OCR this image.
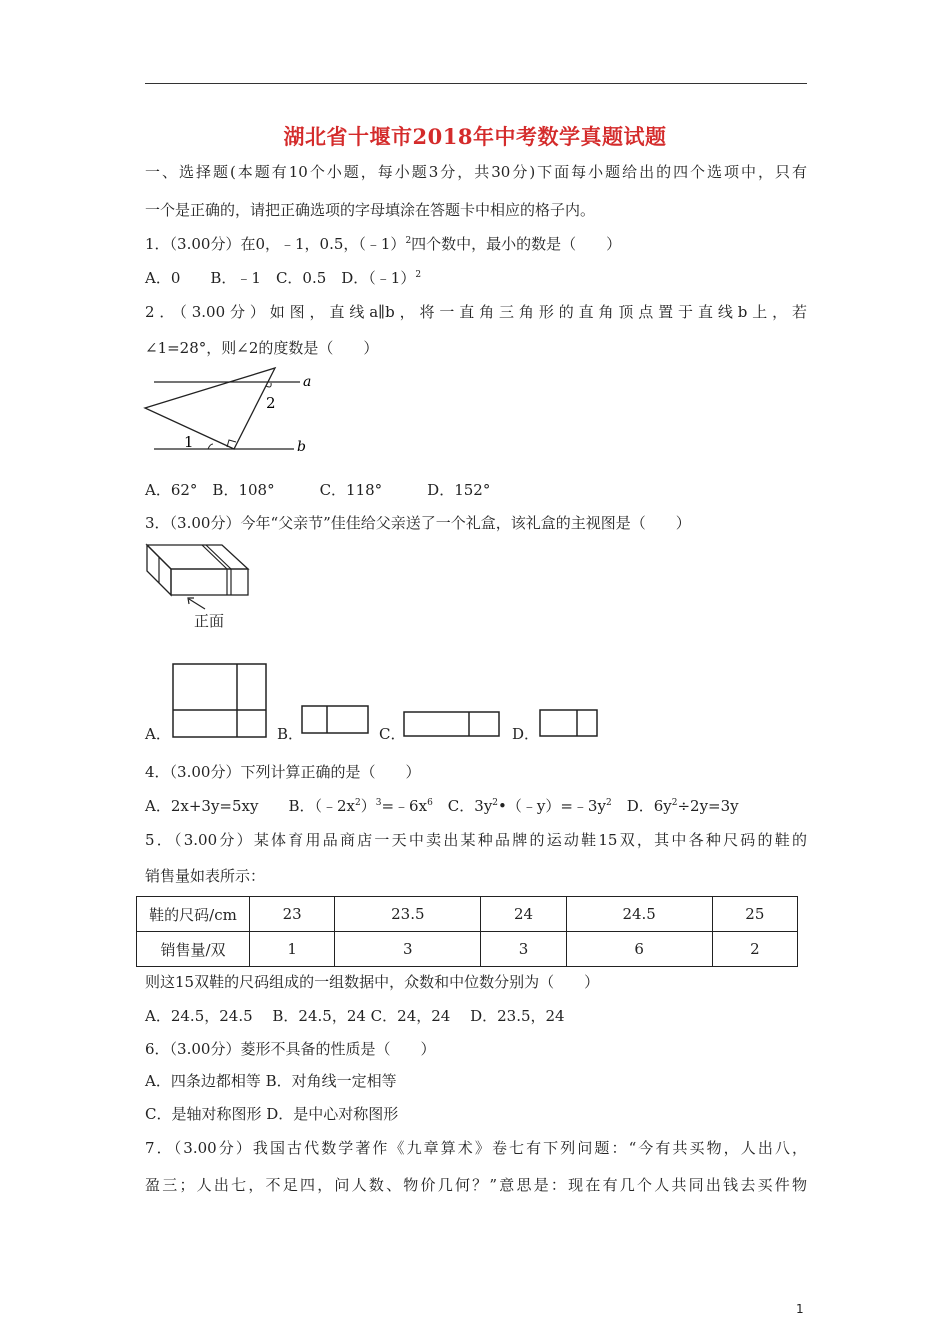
湖北省十堰市2018年中考数学真题试题
一、选择题(本题有10个小题，每小题3分，共30分)下面每小题给出的四个选项中，只有
一个是正确的，请把正确选项的字母填涂在答题卡中相应的格子内。
1．（3.00分）在0，﹣1，0.5，（﹣1）$^2$四个数中，最小的数是（　　）
A．0　　B．﹣1　C．0.5　D．（﹣1）$^2$
2．（3.00分）如图，直线a∥b，将一直角三角形的直角顶点置于直线b上，若
∠1=28°，则∠2的度数是（　　）
a
b
2
1
A．62°　B．108°　　　C．118°　　　D．152°
3．（3.00分）今年“父亲节”佳佳给父亲送了一个礼盒，该礼盒的主视图是（　　）
正面
A．	B．	C．	D．
4．（3.00分）下列计算正确的是（　　）
A．2x+3y=5xy　　B．$(﹣2x^2)^3=﹣6x^6$　C．$3y^2•(﹣y)=﹣3y^2$　D．$6y^2\div 2y=3y$
5．（3.00分）某体育用品商店一天中卖出某种品牌的运动鞋15双，其中各种尺码的鞋的
销售量如表所示：
鞋的尺码/cm	23	23.5	24	24.5	25
销售量/双	1	3	3	6	2
则这15双鞋的尺码组成的一组数据中，众数和中位数分别为（　　）
A．24.5，24.5　 B．24.5，24 C．24，24　 D．23.5，24
6．（3.00分）菱形不具备的性质是（　　）
A．四条边都相等 B．对角线一定相等
C．是轴对称图形 D．是中心对称图形
7．（3.00分）我国古代数学著作《九章算术》卷七有下列问题：“今有共买物，人出八，
盈三；人出七，不足四，问人数、物价几何？”意思是：现在有几个人共同出钱去买件物
1
